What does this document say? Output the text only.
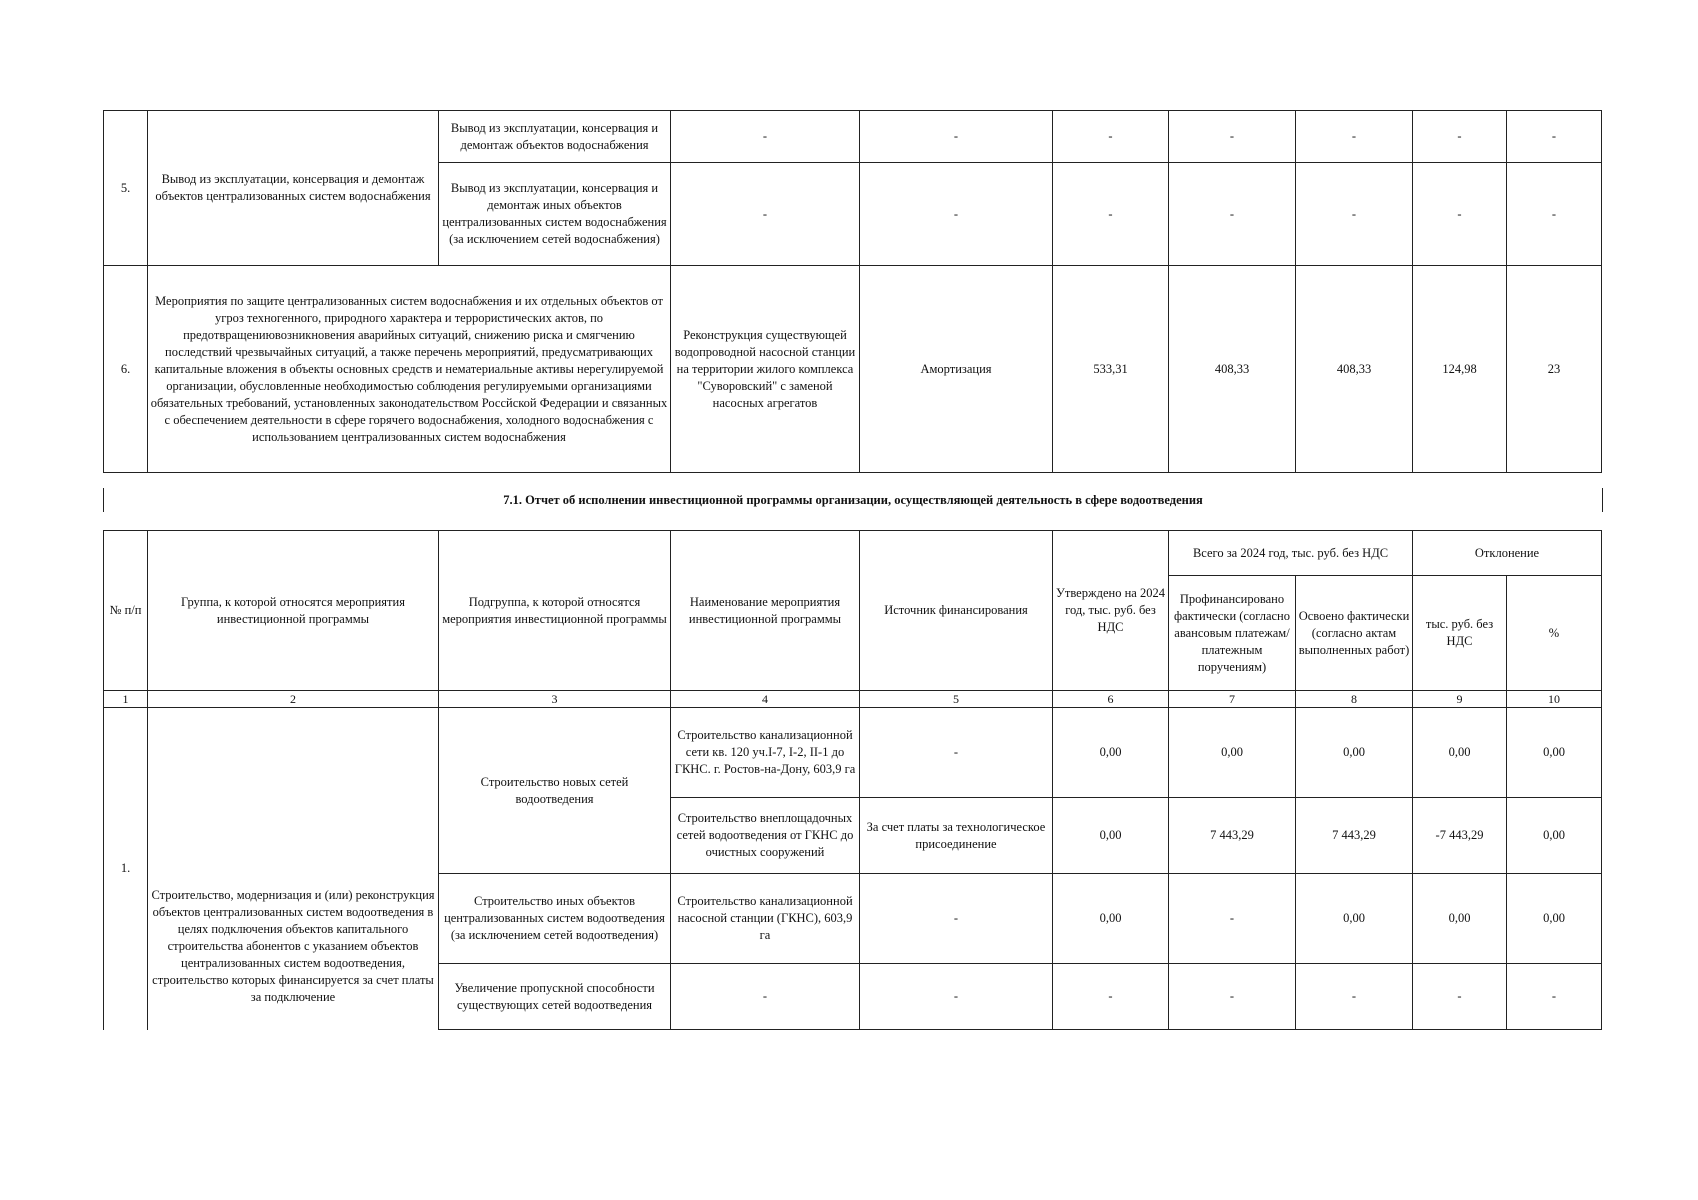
5.	Вывод из эксплуатации, консервация и демонтаж объектов централизованных систем водоснабжения	Вывод из эксплуатации, консервация и демонтаж объектов водоснабжения	-	-	-	-	-	-	-
		Вывод из эксплуатации, консервация и демонтаж иных объектов централизованных систем водоснабжения (за исключением сетей водоснабжения)	-	-	-	-	-	-	-
6.	Мероприятия по защите централизованных систем водоснабжения и их отдельных объектов от угроз техногенного, природного характера и террористических актов, по предотвращениювозникновения аварийных ситуаций, снижению риска и смягчению последствий чрезвычайных ситуаций, а также перечень мероприятий, предусматривающих капитальные вложения в объекты основных средств и нематериальные активы нерегулируемой организации, обусловленные необходимостью соблюдения регулируемыми организациями обязательных требований, установленных законодательством Россйской Федерации и связанных с обеспечением деятельности в сфере горячего водоснабжения, холодного водоснабжения с использованием централизованных систем водоснабжения		Реконструкция существующей водопроводной насосной станции на территории жилого комплекса "Суворовский" с заменой насосных агрегатов	Амортизация	533,31	408,33	408,33	124,98	23
7.1. Отчет об исполнении инвестиционной программы организации, осуществляющей деятельность в сфере водоотведения
№ п/п	Группа, к которой относятся мероприятия инвестиционной программы	Подгруппа, к которой относятся мероприятия инвестиционной программы	Наименование мероприятия инвестиционной программы	Источник финансирования	Утверждено на 2024 год, тыс. руб. без НДС	Всего за 2024 год, тыс. руб. без НДС		Отклонение	
						Профинансировано фактически (согласно авансовым платежам/платежным поручениям)	Освоено фактически (согласно актам выполненных работ)	тыс. руб. без НДС	%
1	2	3	4	5	6	7	8	9	10
1.	Строительство, модернизация и (или) реконструкция объектов централизованных систем водоотведения в целях подключения объектов капитального строительства абонентов с указанием объектов централизованных систем водоотведения, строительство которых финансируется за счет платы за подключение	Строительство новых сетей водоотведения	Строительство канализационной сети кв. 120 уч.I-7, I-2, II-1 до ГКНС. г. Ростов-на-Дону, 603,9 га	-	0,00	0,00	0,00	0,00	0,00
			Строительство внеплощадочных сетей водоотведения от ГКНС до очистных сооружений	За счет платы за технологическое присоединение	0,00	7 443,29	7 443,29	-7 443,29	0,00
		Строительство иных объектов централизованных систем водоотведения (за исключением сетей водоотведения)	Строительство канализационной насосной станции (ГКНС), 603,9 га	-	0,00	-	0,00	0,00	0,00
		Увеличение пропускной способности существующих сетей водоотведения	-	-	-	-	-	-	-
